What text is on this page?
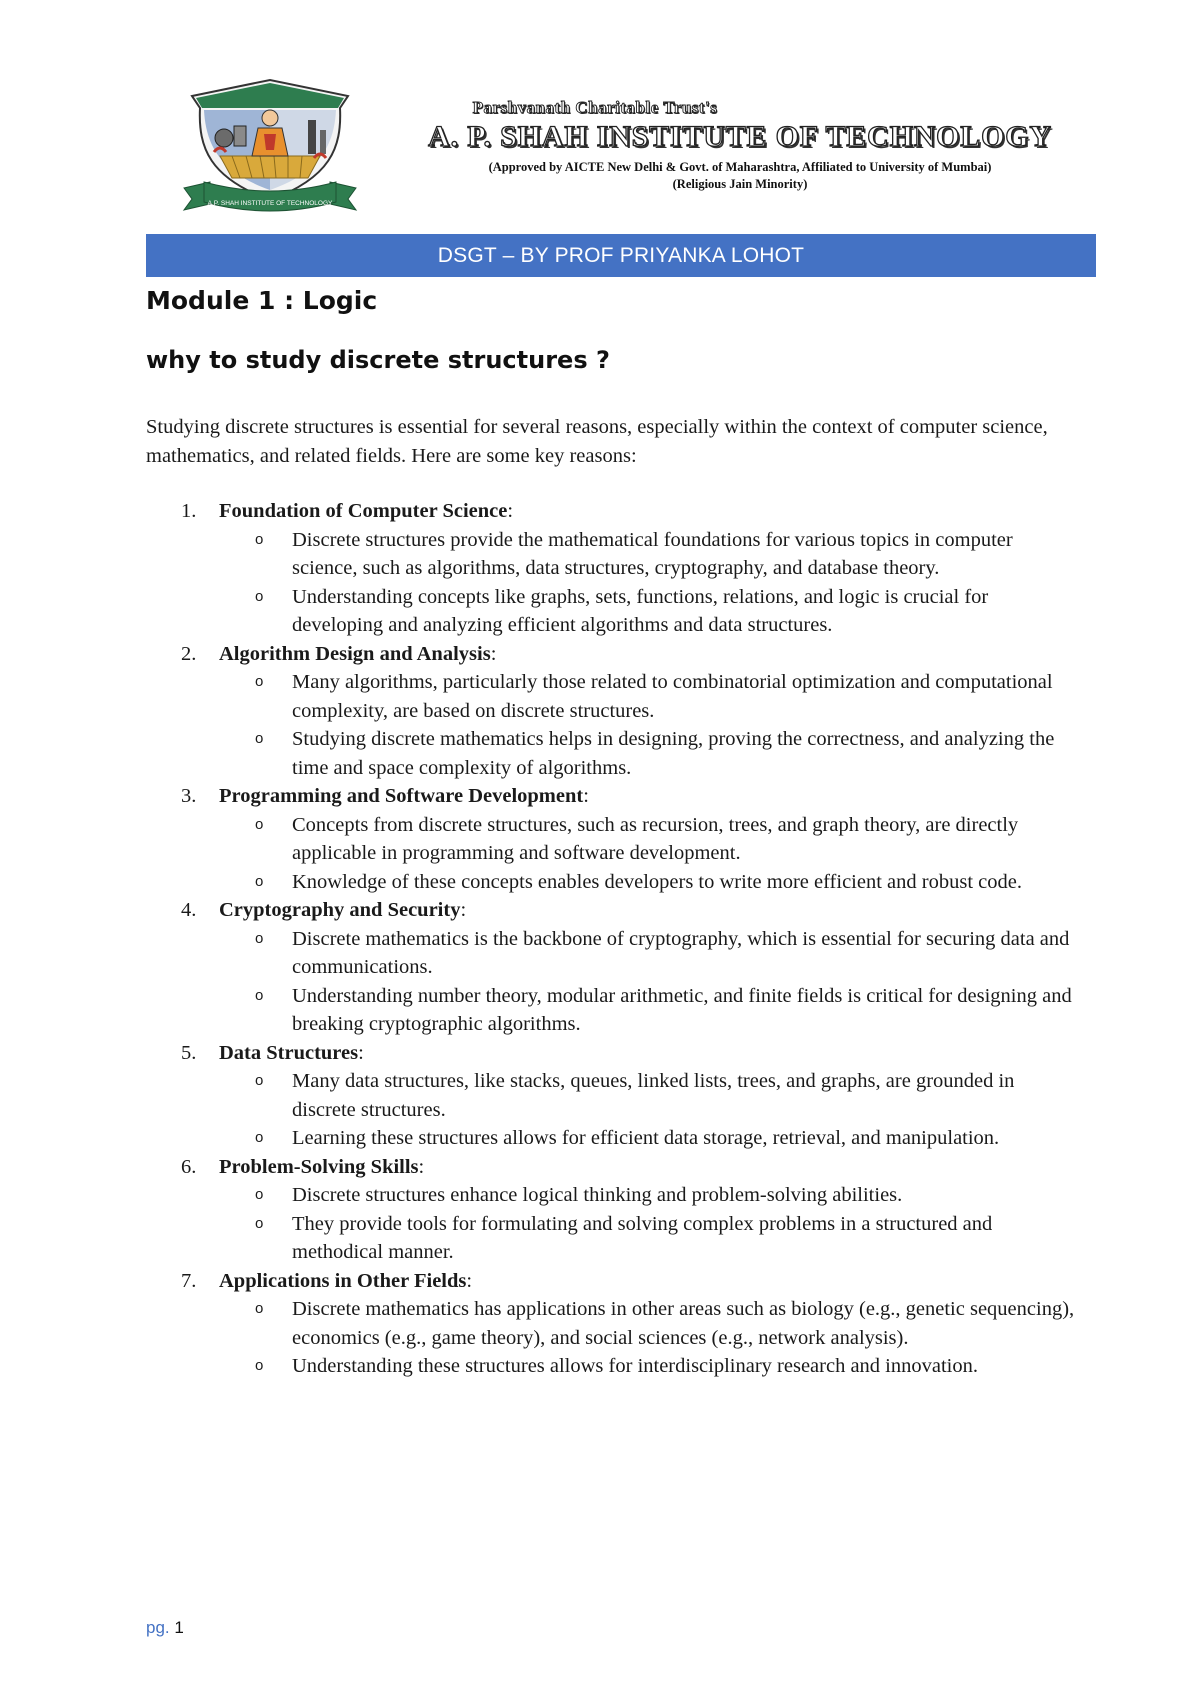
A.P. SHAH INSTITUTE OF TECHNOLOGY
Parshvanath Charitable Trust's
A. P. SHAH INSTITUTE OF TECHNOLOGY
(Approved by AICTE New Delhi & Govt. of Maharashtra, Affiliated to University of Mumbai)
(Religious Jain Minority)
DSGT – BY PROF PRIYANKA LOHOT
Module 1 : Logic
why to study discrete structures ?

Studying discrete structures is essential for several reasons, especially within the context of computer science, mathematics, and related fields. Here are some key reasons:

1. Foundation of Computer Science:
o Discrete structures provide the mathematical foundations for various topics in computer science, such as algorithms, data structures, cryptography, and database theory.
o Understanding concepts like graphs, sets, functions, relations, and logic is crucial for developing and analyzing efficient algorithms and data structures.
2. Algorithm Design and Analysis:
o Many algorithms, particularly those related to combinatorial optimization and computational complexity, are based on discrete structures.
o Studying discrete mathematics helps in designing, proving the correctness, and analyzing the time and space complexity of algorithms.
3. Programming and Software Development:
o Concepts from discrete structures, such as recursion, trees, and graph theory, are directly applicable in programming and software development.
o Knowledge of these concepts enables developers to write more efficient and robust code.
4. Cryptography and Security:
o Discrete mathematics is the backbone of cryptography, which is essential for securing data and communications.
o Understanding number theory, modular arithmetic, and finite fields is critical for designing and breaking cryptographic algorithms.
5. Data Structures:
o Many data structures, like stacks, queues, linked lists, trees, and graphs, are grounded in discrete structures.
o Learning these structures allows for efficient data storage, retrieval, and manipulation.
6. Problem-Solving Skills:
o Discrete structures enhance logical thinking and problem-solving abilities.
o They provide tools for formulating and solving complex problems in a structured and methodical manner.
7. Applications in Other Fields:
o Discrete mathematics has applications in other areas such as biology (e.g., genetic sequencing), economics (e.g., game theory), and social sciences (e.g., network analysis).
o Understanding these structures allows for interdisciplinary research and innovation.
pg. 1
